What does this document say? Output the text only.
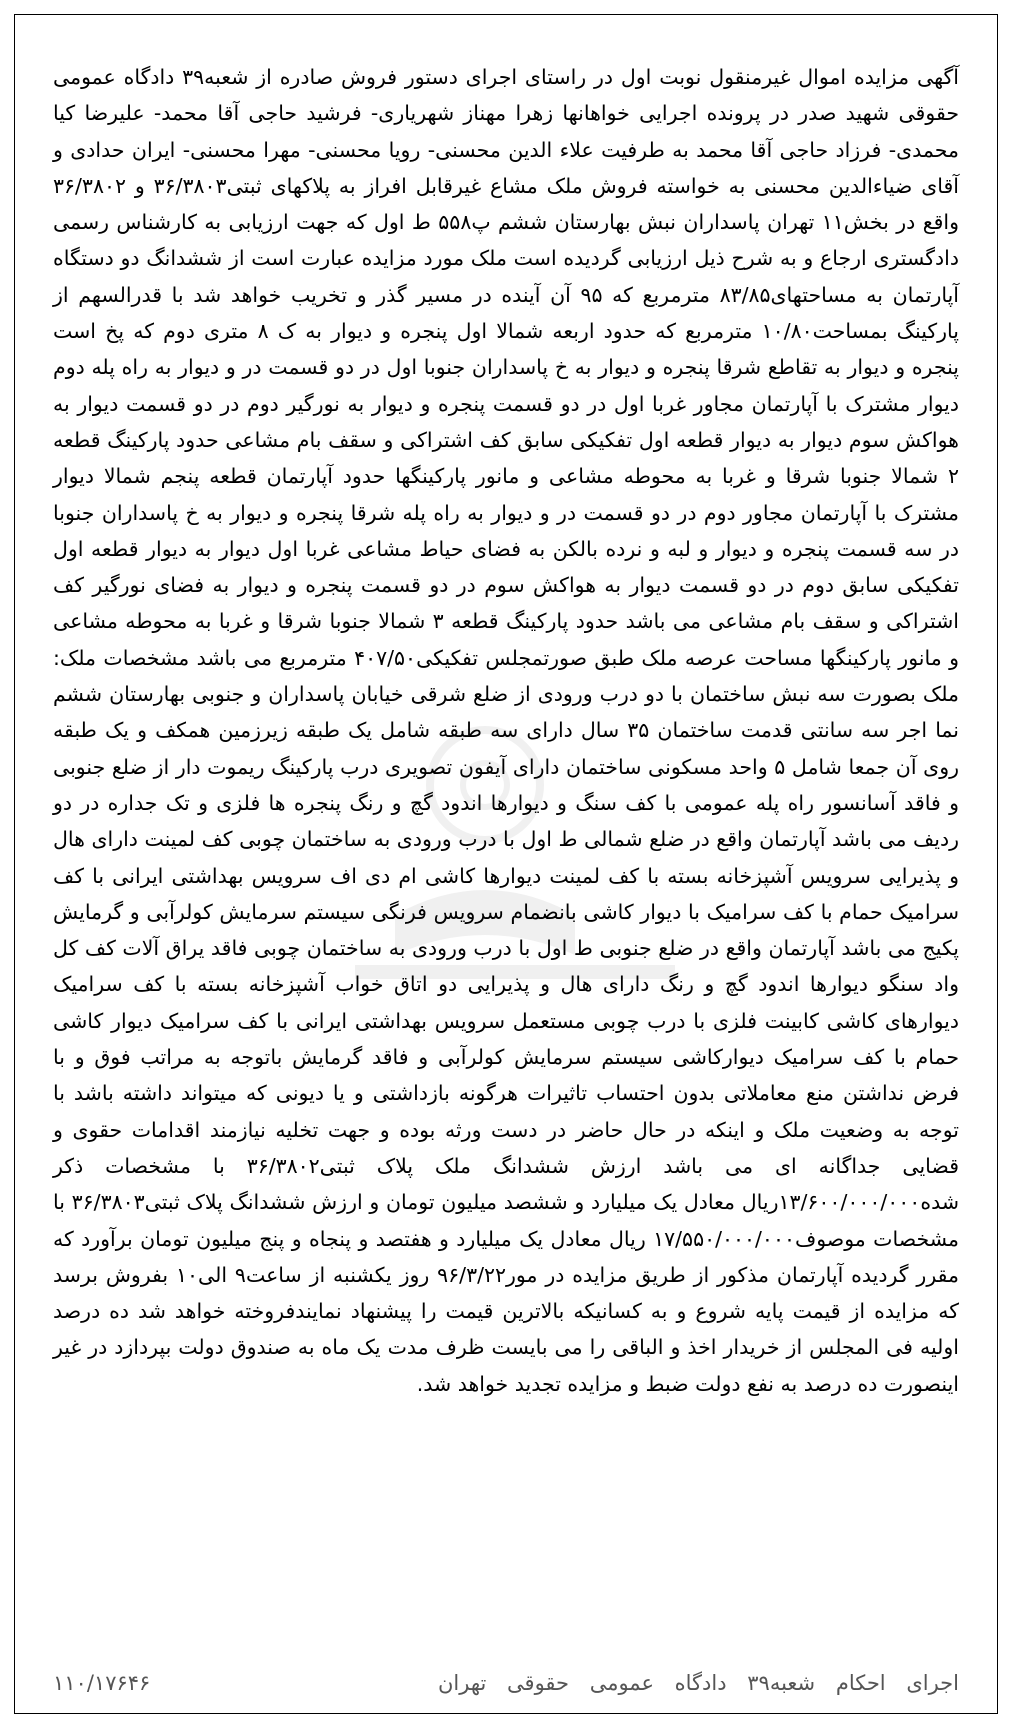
آگهی مزایده اموال غیرمنقول نوبت اول در راستای اجرای دستور فروش صادره از شعبه۳۹ دادگاه عمومی حقوقی شهید صدر در پرونده اجرایی خواهانها زهرا مهناز شهریاری- فرشید حاجی آقا محمد- علیرضا کیا محمدی- فرزاد حاجی آقا محمد به طرفیت علاء الدین محسنی- رویا محسنی- مهرا محسنی- ایران حدادی و آقای ضیاءالدین محسنی به خواسته فروش ملک مشاع غیرقابل افراز به پلاکهای ثبتی۳۶/۳۸۰۳ و ۳۶/۳۸۰۲ واقع در بخش۱۱ تهران پاسداران نبش بهارستان ششم پ۵۵۸ ط اول که جهت ارزیابی به کارشناس رسمی دادگستری ارجاع و به شرح ذیل ارزیابی گردیده است ملک مورد مزایده عبارت است از ششدانگ دو دستگاه آپارتمان به مساحتهای۸۳/۸۵ مترمربع که ۹۵ آن آینده در مسیر گذر و تخریب خواهد شد با قدرالسهم از پارکینگ بمساحت۱۰/۸۰ مترمربع که حدود اربعه شمالا اول پنجره و دیوار به ک ۸ متری دوم که پخ است پنجره و دیوار به تقاطع شرقا پنجره و دیوار به خ پاسداران جنوبا اول در دو قسمت در و دیوار به راه پله دوم دیوار مشترک با آپارتمان مجاور غربا اول در دو قسمت پنجره و دیوار به نورگیر دوم در دو قسمت دیوار به هواکش سوم دیوار به دیوار قطعه اول تفکیکی سابق کف اشتراکی و سقف بام مشاعی حدود پارکینگ قطعه ۲ شمالا جنوبا شرقا و غربا به محوطه مشاعی و مانور پارکینگها حدود آپارتمان قطعه پنجم شمالا دیوار مشترک با آپارتمان مجاور دوم در دو قسمت در و دیوار به راه پله شرقا پنجره و دیوار به خ پاسداران جنوبا در سه قسمت پنجره و دیوار و لبه و نرده بالکن به فضای حیاط مشاعی غربا اول دیوار به دیوار قطعه اول تفکیکی سابق دوم در دو قسمت دیوار به هواکش سوم در دو قسمت پنجره و دیوار به فضای نورگیر کف اشتراکی و سقف بام مشاعی می باشد حدود پارکینگ قطعه ۳ شمالا جنوبا شرقا و غربا به محوطه مشاعی و مانور پارکینگها مساحت عرصه ملک طبق صورتمجلس تفکیکی۴۰۷/۵۰ مترمربع می باشد مشخصات ملک: ملک بصورت سه نبش ساختمان با دو درب ورودی از ضلع شرقی خیابان پاسداران و جنوبی بهارستان ششم نما اجر سه سانتی قدمت ساختمان ۳۵ سال دارای سه طبقه شامل یک طبقه زیرزمین همکف و یک طبقه روی آن جمعا شامل ۵ واحد مسکونی ساختمان دارای آیفون تصویری درب پارکینگ ریموت دار از ضلع جنوبی و فاقد آسانسور راه پله عمومی با کف سنگ و دیوارها اندود گچ و رنگ پنجره ها فلزی و تک جداره در دو ردیف می باشد آپارتمان واقع در ضلع شمالی ط اول با درب ورودی به ساختمان چوبی کف لمینت دارای هال و پذیرایی سرویس آشپزخانه بسته با کف لمینت دیوارها کاشی ام دی اف سرویس بهداشتی ایرانی با کف سرامیک حمام با کف سرامیک با دیوار کاشی بانضمام سرویس فرنگی سیستم سرمایش کولرآبی و گرمایش پکیج می باشد آپارتمان واقع در ضلع جنوبی ط اول با درب ورودی به ساختمان چوبی فاقد یراق آلات کف کل واد سنگو دیوارها اندود گچ و رنگ دارای هال و پذیرایی دو اتاق خواب آشپزخانه بسته با کف سرامیک دیوارهای کاشی کابینت فلزی با درب چوبی مستعمل سرویس بهداشتی ایرانی با کف سرامیک دیوار کاشی حمام با کف سرامیک دیوارکاشی سیستم سرمایش کولرآبی و فاقد گرمایش باتوجه به مراتب فوق و با فرض نداشتن منع معاملاتی بدون احتساب تاثیرات هرگونه بازداشتی و یا دیونی که میتواند داشته باشد با توجه به وضعیت ملک و اینکه در حال حاضر در دست ورثه بوده و جهت تخلیه نیازمند اقدامات حقوی و قضایی جداگانه ای می باشد ارزش ششدانگ ملک پلاک ثبتی۳۶/۳۸۰۲ با مشخصات ذکر شده۱۳/۶۰۰/۰۰۰/۰۰۰ریال معادل یک میلیارد و ششصد میلیون تومان و ارزش ششدانگ پلاک ثبتی۳۶/۳۸۰۳ با مشخصات موصوف۱۷/۵۵۰/۰۰۰/۰۰۰ ریال معادل یک میلیارد و هفتصد و پنجاه و پنج میلیون تومان برآورد که مقرر گردیده آپارتمان مذکور از طریق مزایده در مور۹۶/۳/۲۲ روز یکشنبه از ساعت۹ الی۱۰ بفروش برسد که مزایده از قیمت پایه شروع و به کسانیکه بالاترین قیمت را پیشنهاد نمایندفروخته خواهد شد ده درصد اولیه فی المجلس از خریدار اخذ و الباقی را می بایست ظرف مدت یک ماه به صندوق دولت بپردازد در غیر اینصورت ده درصد به نفع دولت ضبط و مزایده تجدید خواهد شد.

اجرای احکام شعبه۳۹ دادگاه عمومی حقوقی تهران
۱۱۰/۱۷۶۴۶
